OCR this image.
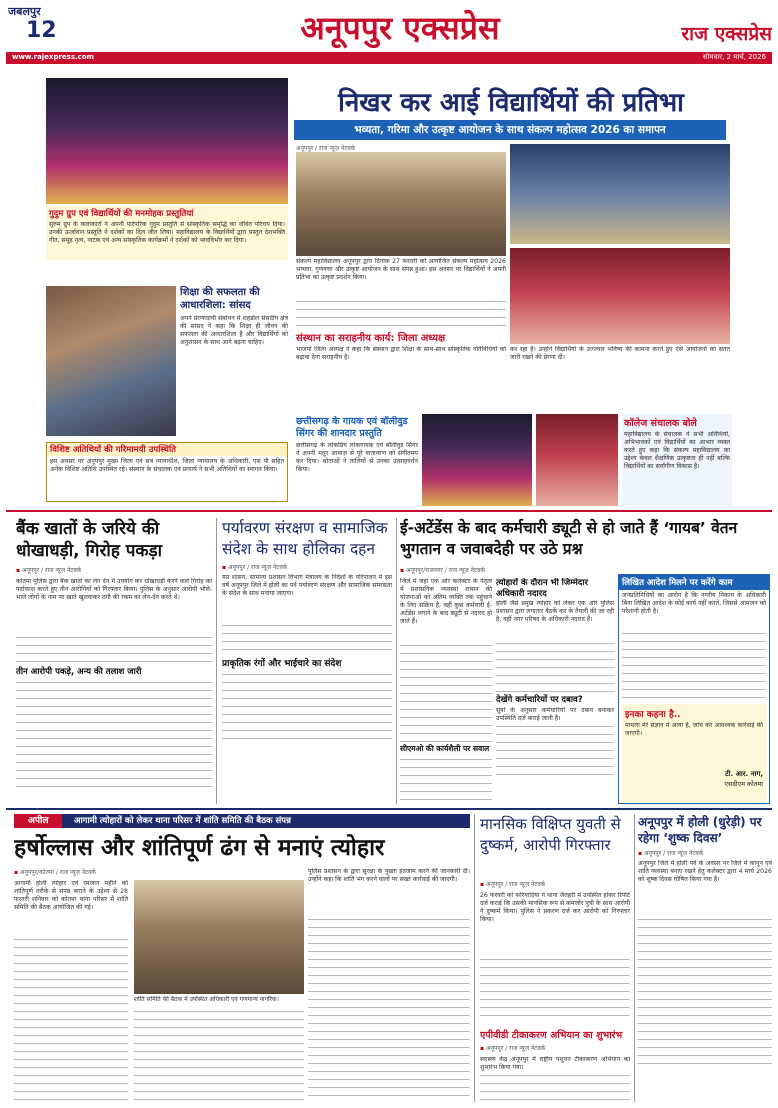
जबलपुर
12	अनूपपुर एक्सप्रेस	राज एक्सप्रेस
www.rajexpress.com	सोमवार, 2 मार्च, 2026
गुदुम ग्रुप एवं विद्यार्थियों की मनमोहक प्रस्तुतियां
सुरुम ग्रुप के कलाकारों ने अपनी पारंपरिक गुदुम प्रस्तुति से सांस्कृतिक समृद्धि का जीवंत परिचय दिया। उनकी ऊर्जावान प्रस्तुति ने दर्शकों का दिल जीत लिया। महाविद्यालय के विद्यार्थियों द्वारा प्रस्तुत देशभक्ति गीत, समूह नृत्य, नाटक एवं अन्य सांस्कृतिक कार्यक्रमों ने दर्शकों को भावविभोर कर दिया।
निखर कर आई विद्यार्थियों की प्रतिभा
भव्यता, गरिमा और उत्कृष्ट आयोजन के साथ संकल्प महोत्सव 2026 का समापन
अनूपपुर / राज न्यूज़ नेटवर्क
संकल्प महाविद्यालय अनूपपुर द्वारा दिनांक 27 फरवरी को आयोजित संकल्प महोत्सव 2026 भव्यता, गुणवत्ता और उत्कृष्ट आयोजन के साथ संपन्न हुआ। इस अवसर पर विद्यार्थियों ने अपनी प्रतिभा का उत्कृष्ट प्रदर्शन किया।
संस्थान का सराहनीय कार्य: जिला अध्यक्ष
भाजपा जिला अध्यक्ष ने कहा कि संस्थान द्वारा शिक्षा के साथ-साथ सांस्कृतिक गतिविधियों को बढ़ावा देना सराहनीय है।
कर रहा है। उन्होंने विद्यार्थियों के उज्ज्वल भविष्य की कामना करते हुए ऐसे आयोजनों को सतत जारी रखने की प्रेरणा दी।
शिक्षा की सफलता की आधारशिला: सांसद
अपने प्रेरणादायी संबोधन में शहडोल संसदीय क्षेत्र की सांसद ने कहा कि शिक्षा ही जीवन की सफलता की आधारशिला है और विद्यार्थियों को अनुशासन के साथ आगे बढ़ना चाहिए।
विशिष्ट अतिथियों की गरिमामयी उपस्थिति
इस अवसर पर अनूपपुर मुख्य जिला एवं सत्र न्यायाधीश, जिला न्यायालय के अधिकारी, एस पी सहित अनेक विशिष्ट अतिथि उपस्थित रहे। संस्थान के संचालक एवं प्राचार्य ने सभी अतिथियों का स्वागत किया।
छत्तीसगढ़ के गायक एवं बॉलीवुड सिंगर की शानदार प्रस्तुति
छत्तीसगढ़ के लोकप्रिय लोकगायक एवं बॉलीवुड सिंगर ने अपनी मधुर आवाज़ से पूरे वातावरण को संगीतमय कर दिया। श्रोताओं ने तालियों से उनका उत्साहवर्धन किया।
कॉलेज संचालक बोले
महाविद्यालय के संचालक ने सभी अतिथियों, अभिभावकों एवं विद्यार्थियों का आभार व्यक्त करते हुए कहा कि संकल्प महाविद्यालय का उद्देश्य केवल शैक्षणिक उत्कृष्टता ही नहीं बल्कि विद्यार्थियों का सर्वांगीण विकास है।
बैंक खातों के जरिये की धोखाधड़ी, गिरोह पकड़ा
▪ अनूपपुर / राज न्यूज़ नेटवर्क
कोतमा पुलिस द्वारा बैंक खातों का लेन देन में उपयोग कर धोखाधड़ी करने वाले गिरोह का पर्दाफाश करते हुए तीन आरोपियों को गिरफ्तार किया। पुलिस के अनुसार आरोपी भोले-भाले लोगों के नाम पर खाते खुलवाकर ठगी की रकम का लेन-देन करते थे।
तीन आरोपी पकड़े, अन्य की तलाश जारी
पर्यावरण संरक्षण व सामाजिक संदेश के साथ होलिका दहन
▪ अनूपपुर / राज न्यूज़ नेटवर्क
मप्र शासन, सामान्य प्रशासन विभाग मंत्रालय के निर्देशों के परिपालन में इस वर्ष अनूपपुर जिले में होली का पर्व पर्यावरण संरक्षण और सामाजिक समरसता के संदेश के साथ मनाया जाएगा।
प्राकृतिक रंगों और भाईचारे का संदेश
ई-अटेंडेंस के बाद कर्मचारी ड्यूटी से हो जाते हैं ‘गायब’ वेतन भुगतान व जवाबदेही पर उठे प्रश्न
▪ अनूपपुर/राजनगर / राज न्यूज़ नेटवर्क
जिले में जहां एक ओर कलेक्टर के नेतृत्व में प्रशासनिक व्यवस्था शासन की योजनाओं को अंतिम व्यक्ति तक पहुंचाने के लिए सक्रिय है, वहीं कुछ कर्मचारी ई-अटेंडेंस लगाने के बाद ड्यूटी से नदारद हो जाते हैं।
सीएमओ की कार्यशैली पर सवाल
त्योहारों के दौरान भी जिम्मेदार अधिकारी नदारद
होली जैसे प्रमुख त्योहार को लेकर एक ओर पुलिस प्रशासन द्वारा लगातार बैठकें कर के तैयारी की जा रही है, वहीं नगर परिषद के अधिकारी नदारद हैं।
देखेंगे कर्मचारियों पर दबाव?
सूत्रों के अनुसार कर्मचारियों पर दबाव बनाकर उपस्थिति दर्ज कराई जाती है।
लिखित आदेश मिलने पर करेंगे काम
जनप्रतिनिधियों का आरोप है कि नगरीय निकाय के अधिकारी बिना लिखित आदेश के कोई कार्य नहीं करते, जिससे आमजन को परेशानी होती है।
इनका कहना है..
मामला मेरे संज्ञान में आया है, जांच कर आवश्यक कार्रवाई की जाएगी।
टी. आर. नाग,
एसडीएम कोतमा
अपील	आगामी त्योहारों को लेकर थाना परिसर में शांति समिति की बैठक संपन्न
हर्षोल्लास और शांतिपूर्ण ढंग से मनाएं त्योहार
▪ अनूपपुर/कोतमा / राज न्यूज़ नेटवर्क
आगामी होली त्योहार एवं रमजान महीने को शांतिपूर्ण तरीके से संपन्न कराने के उद्देश्य से 28 फरवरी शनिवार को कोतमा थाना परिसर में शांति समिति की बैठक आयोजित की गई।
शांति समिति की बैठक में उपस्थित अधिकारी एवं गणमान्य नागरिक।
पुलिस प्रशासन के द्वारा सुरक्षा के पुख्ता इंतजाम करने की जानकारी दी। उन्होंने कहा कि शांति भंग करने वालों पर सख्त कार्रवाई की जाएगी।
मानसिक विक्षिप्त युवती से दुष्कर्म, आरोपी गिरफ्तार
▪ अनूपपुर / राज न्यूज़ नेटवर्क
26 फरवरी को फरियादिया ने थाना जैतहरी में उपस्थित होकर रिपोर्ट दर्ज कराई कि उसकी मानसिक रूप से कमजोर पुत्री के साथ आरोपी ने दुष्कर्म किया। पुलिस ने प्रकरण दर्ज कर आरोपी को गिरफ्तार किया।
एपीवीडी टीकाकरण अभियान का शुभारंभ
▪ अनूपपुर / राज न्यूज़ नेटवर्क
स्वास्थ्य केंद्र अनूपपुर में राष्ट्रीय पशुधन टीकाकरण अभियान का शुभारंभ किया गया।
अनूपपुर में होली (धुरेड़ी) पर रहेगा ‘शुष्क दिवस’
▪ अनूपपुर / राज न्यूज़ नेटवर्क
अनूपपुर जिले में होली पर्व के अवसर पर जिले में कानून एवं शांति व्यवस्था बनाए रखने हेतु कलेक्टर द्वारा 4 मार्च 2026 को शुष्क दिवस घोषित किया गया है।
